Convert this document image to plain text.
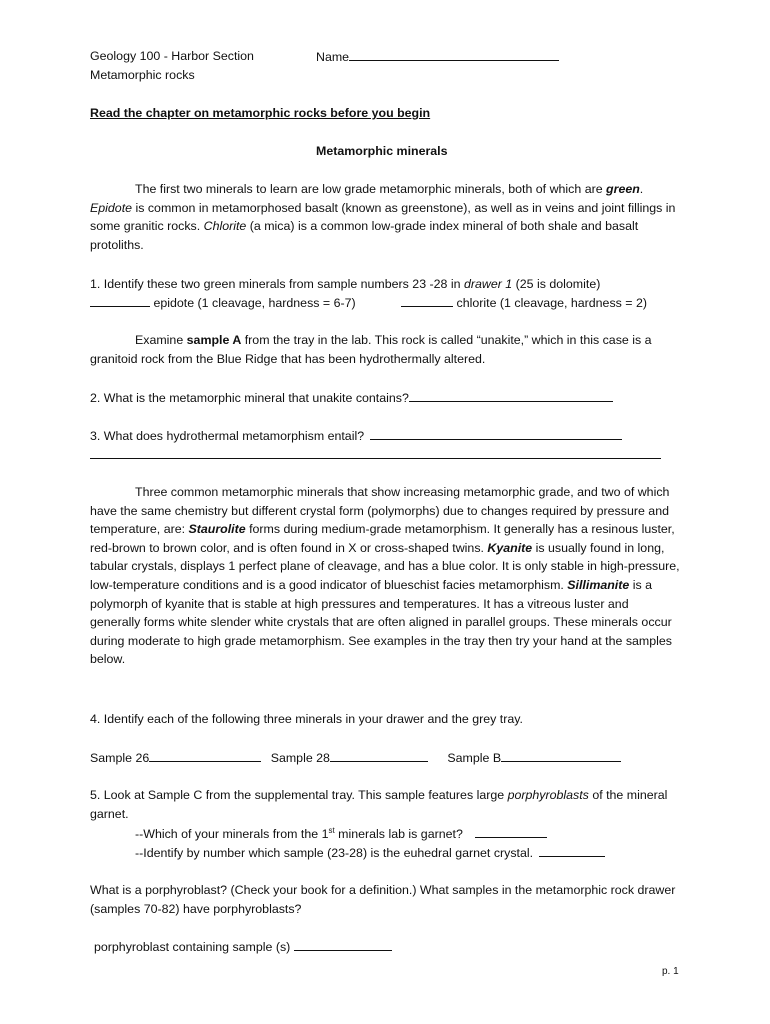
Geology 100 - Harbor Section	Name
Metamorphic rocks
Read the chapter on metamorphic rocks before you begin
Metamorphic minerals
The first two minerals to learn are low grade metamorphic minerals, both of which are green. Epidote is common in metamorphosed basalt (known as greenstone), as well as in veins and joint fillings in some granitic rocks. Chlorite (a mica) is a common low-grade index mineral of both shale and basalt protoliths.
1. Identify these two green minerals from sample numbers 23 -28 in drawer 1 (25 is dolomite)
epidote (1 cleavage, hardness = 6-7)	chlorite (1 cleavage, hardness = 2)
Examine sample A from the tray in the lab. This rock is called “unakite,” which in this case is a granitoid rock from the Blue Ridge that has been hydrothermally altered.
2. What is the metamorphic mineral that unakite contains?
3. What does hydrothermal metamorphism entail?
Three common metamorphic minerals that show increasing metamorphic grade, and two of which have the same chemistry but different crystal form (polymorphs) due to changes required by pressure and temperature, are: Staurolite forms during medium-grade metamorphism. It generally has a resinous luster, red-brown to brown color, and is often found in X or cross-shaped twins. Kyanite is usually found in long, tabular crystals, displays 1 perfect plane of cleavage, and has a blue color. It is only stable in high-pressure, low-temperature conditions and is a good indicator of blueschist facies metamorphism. Sillimanite is a polymorph of kyanite that is stable at high pressures and temperatures. It has a vitreous luster and generally forms white slender white crystals that are often aligned in parallel groups. These minerals occur during moderate to high grade metamorphism. See examples in the tray then try your hand at the samples below.
4. Identify each of the following three minerals in your drawer and the grey tray.
Sample 26	Sample 28	Sample B
5. Look at Sample C from the supplemental tray. This sample features large porphyroblasts of the mineral garnet.
--Which of your minerals from the 1st minerals lab is garnet?
--Identify by number which sample (23-28) is the euhedral garnet crystal.
What is a porphyroblast? (Check your book for a definition.) What samples in the metamorphic rock drawer (samples 70-82) have porphyroblasts?
porphyroblast containing sample (s)
p. 1
